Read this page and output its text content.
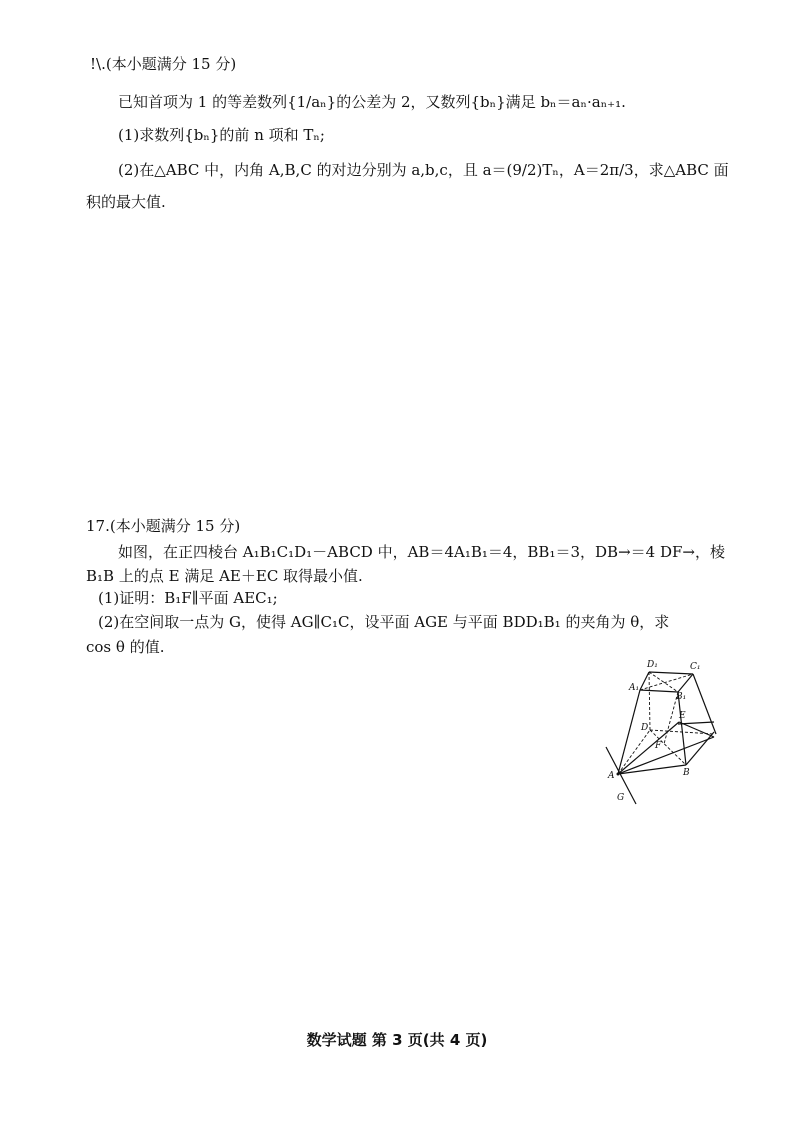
!\.(本小题满分 15 分)
已知首项为 1 的等差数列{1/aₙ}的公差为 2，又数列{bₙ}满足 bₙ＝aₙ·aₙ₊₁.
(1)求数列{bₙ}的前 n 项和 Tₙ;
(2)在△ABC 中，内角 A,B,C 的对边分别为 a,b,c，且 a＝(9/2)Tₙ，A＝2π/3，求△ABC 面
积的最大值.
17.(本小题满分 15 分)
如图，在正四棱台 A₁B₁C₁D₁－ABCD 中，AB＝4A₁B₁＝4，BB₁＝3，DB→＝4 DF→，棱
B₁B 上的点 E 满足 AE＋EC 取得最小值.
(1)证明：B₁F∥平面 AEC₁;
(2)在空间取一点为 G，使得 AG∥C₁C，设平面 AGE 与平面 BDD₁B₁ 的夹角为 θ，求
cos θ 的值.
D₁	C₁
A₁
B₁
D
E
F
A	B
G
数学试题 第 3 页(共 4 页)
